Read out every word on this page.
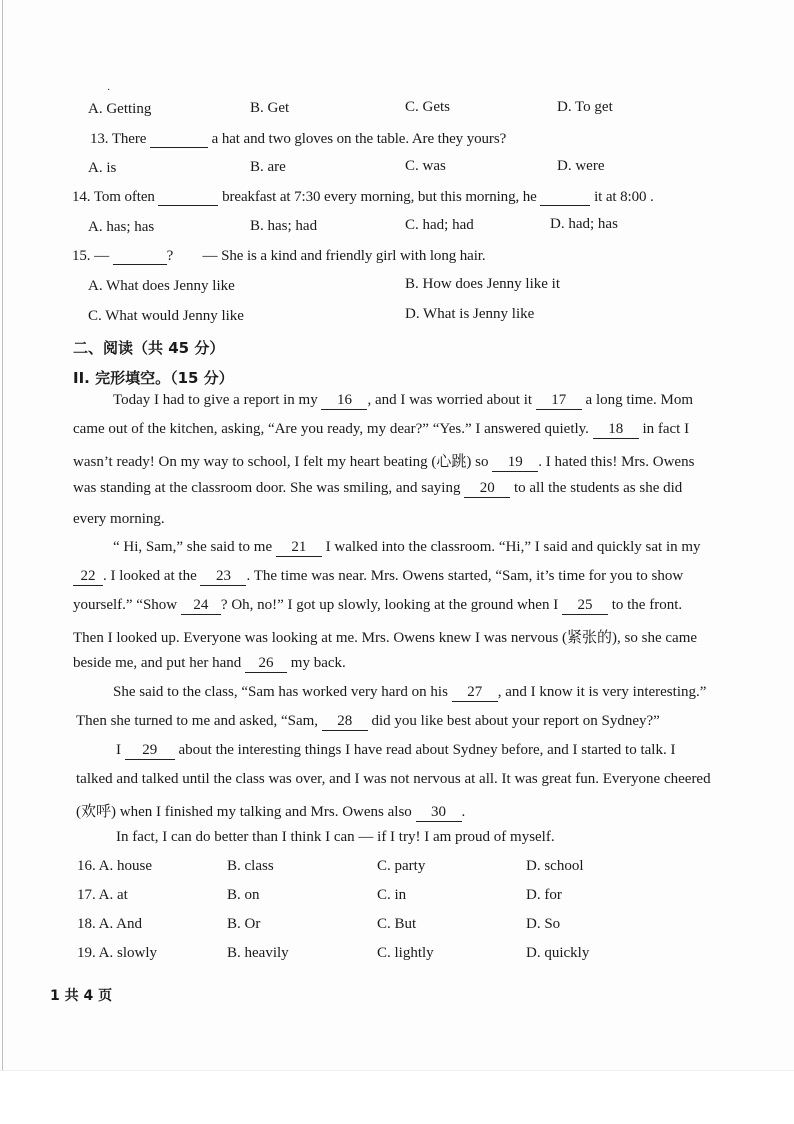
·
A. Getting	B. Get	C. Gets	D. To get
13. There	a hat and two gloves on the table. Are they yours?
A. is	B. are	C. was	D. were
14. Tom often	breakfast at 7:30 every morning, but this morning, he	it at 8:00 .
A. has; has	B. has; had	C. had; had	D. had; has
15. —	? — She is a kind and friendly girl with long hair.
A. What does Jenny like	B. How does Jenny like it
C. What would Jenny like	D. What is Jenny like
二、阅读（共 45 分）
II. 完形填空。（15 分）
Today I had to give a report in my 16 , and I was worried about it 17 a long time. Mom
came out of the kitchen, asking, “Are you ready, my dear?” “Yes.” I answered quietly. 18 in fact I
wasn’t ready! On my way to school, I felt my heart beating (心跳) so 19 . I hated this! Mrs. Owens
was standing at the classroom door. She was smiling, and saying 20 to all the students as she did
every morning.
“ Hi, Sam,” she said to me 21 I walked into the classroom. “Hi,” I said and quickly sat in my
22 . I looked at the 23 . The time was near. Mrs. Owens started, “Sam, it’s time for you to show
yourself.” “Show 24 ? Oh, no!” I got up slowly, looking at the ground when I 25 to the front.
Then I looked up. Everyone was looking at me. Mrs. Owens knew I was nervous (紧张的), so she came
beside me, and put her hand 26 my back.
She said to the class, “Sam has worked very hard on his 27 , and I know it is very interesting.”
Then she turned to me and asked, “Sam, 28 did you like best about your report on Sydney?”
I 29 about the interesting things I have read about Sydney before, and I started to talk. I
talked and talked until the class was over, and I was not nervous at all. It was great fun. Everyone cheered
(欢呼) when I finished my talking and Mrs. Owens also 30 .
In fact, I can do better than I think I can — if I try! I am proud of myself.
16. A. house	B. class	C. party	D. school
17. A. at	B. on	C. in	D. for
18. A. And	B. Or	C. But	D. So
19. A. slowly	B. heavily	C. lightly	D. quickly
1 共 4 页
